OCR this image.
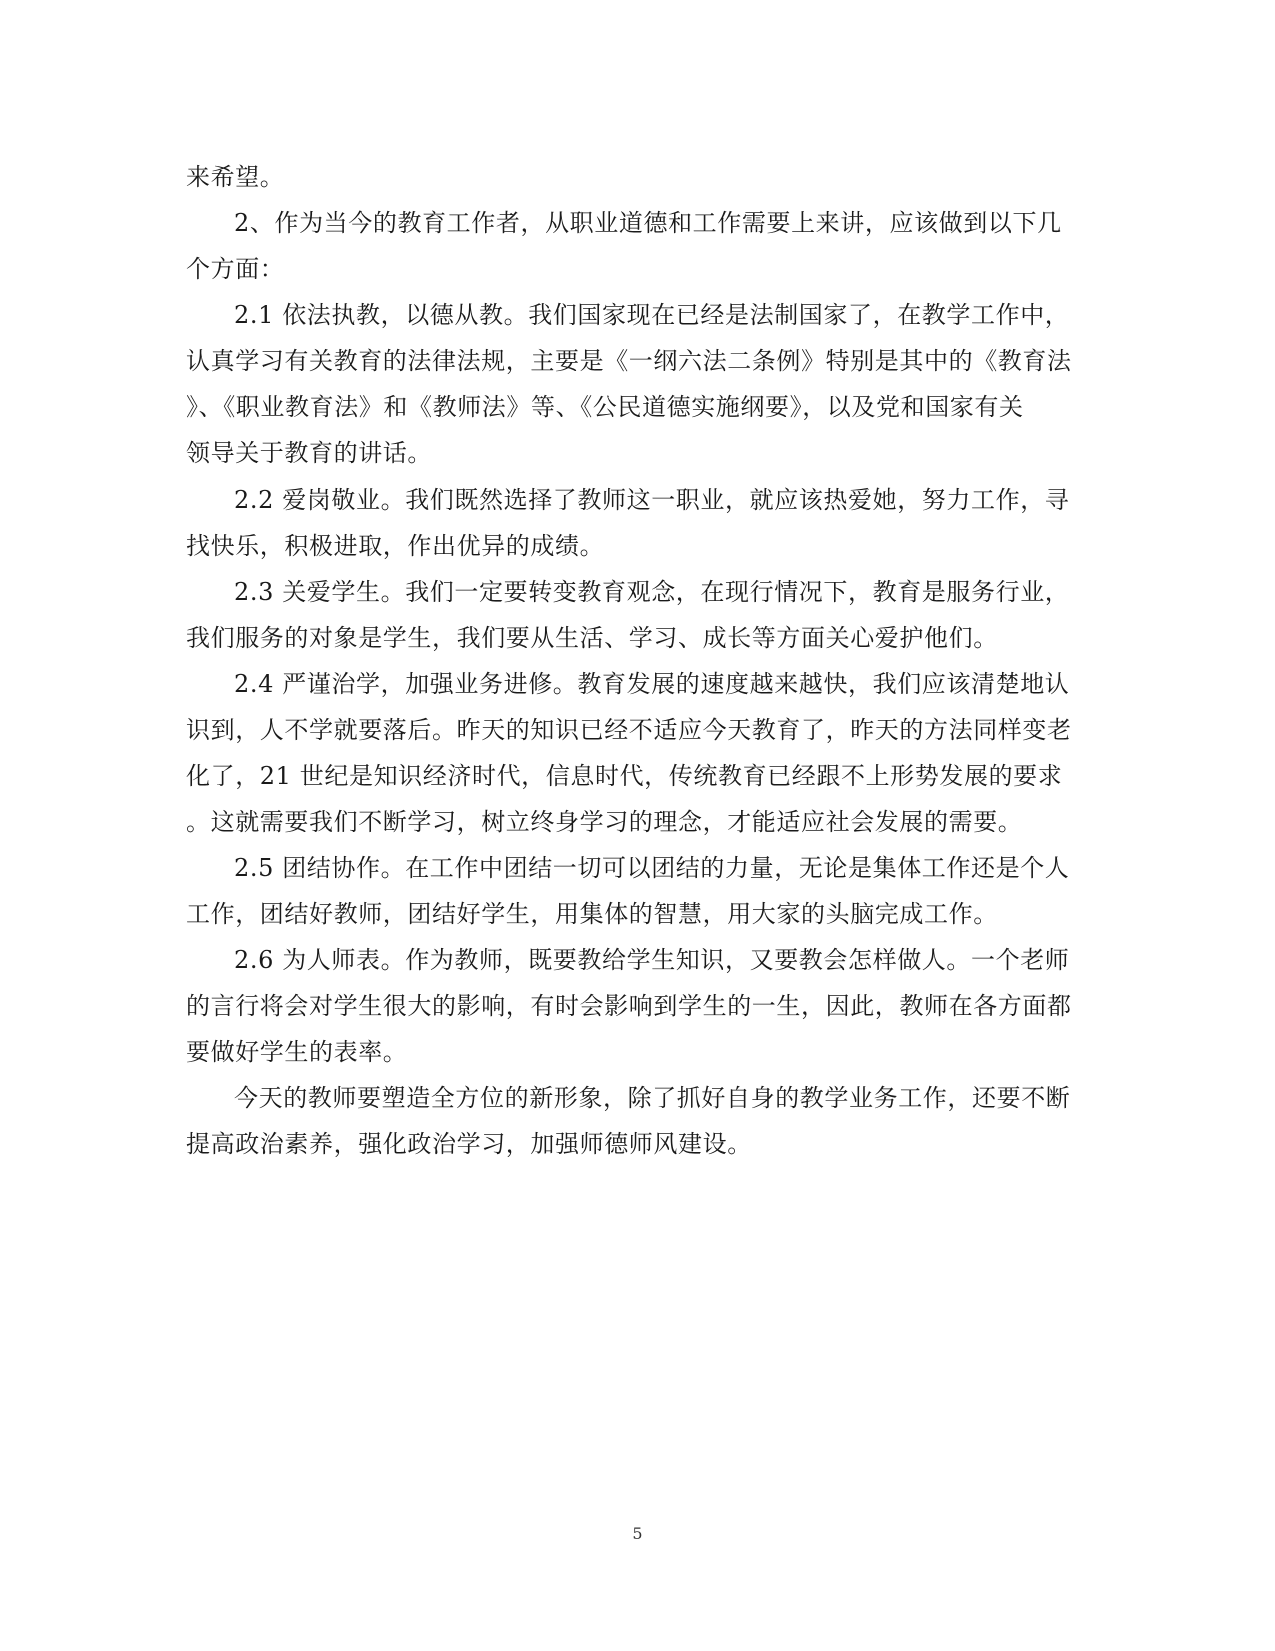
来希望。

2、作为当今的教育工作者，从职业道德和工作需要上来讲，应该做到以下几

个方面：

2.1 依法执教，以德从教。我们国家现在已经是法制国家了，在教学工作中，

认真学习有关教育的法律法规，主要是《一纲六法二条例》特别是其中的《教育法

》、《职业教育法》和《教师法》等、《公民道德实施纲要》，以及党和国家有关

领导关于教育的讲话。

2.2 爱岗敬业。我们既然选择了教师这一职业，就应该热爱她，努力工作，寻

找快乐，积极进取，作出优异的成绩。

2.3 关爱学生。我们一定要转变教育观念，在现行情况下，教育是服务行业，

我们服务的对象是学生，我们要从生活、学习、成长等方面关心爱护他们。

2.4 严谨治学，加强业务进修。教育发展的速度越来越快，我们应该清楚地认

识到，人不学就要落后。昨天的知识已经不适应今天教育了，昨天的方法同样变老

化了，21 世纪是知识经济时代，信息时代，传统教育已经跟不上形势发展的要求

。这就需要我们不断学习，树立终身学习的理念，才能适应社会发展的需要。

2.5 团结协作。在工作中团结一切可以团结的力量，无论是集体工作还是个人

工作，团结好教师，团结好学生，用集体的智慧，用大家的头脑完成工作。

2.6 为人师表。作为教师，既要教给学生知识，又要教会怎样做人。一个老师

的言行将会对学生很大的影响，有时会影响到学生的一生，因此，教师在各方面都

要做好学生的表率。

今天的教师要塑造全方位的新形象，除了抓好自身的教学业务工作，还要不断

提高政治素养，强化政治学习，加强师德师风建设。

5
